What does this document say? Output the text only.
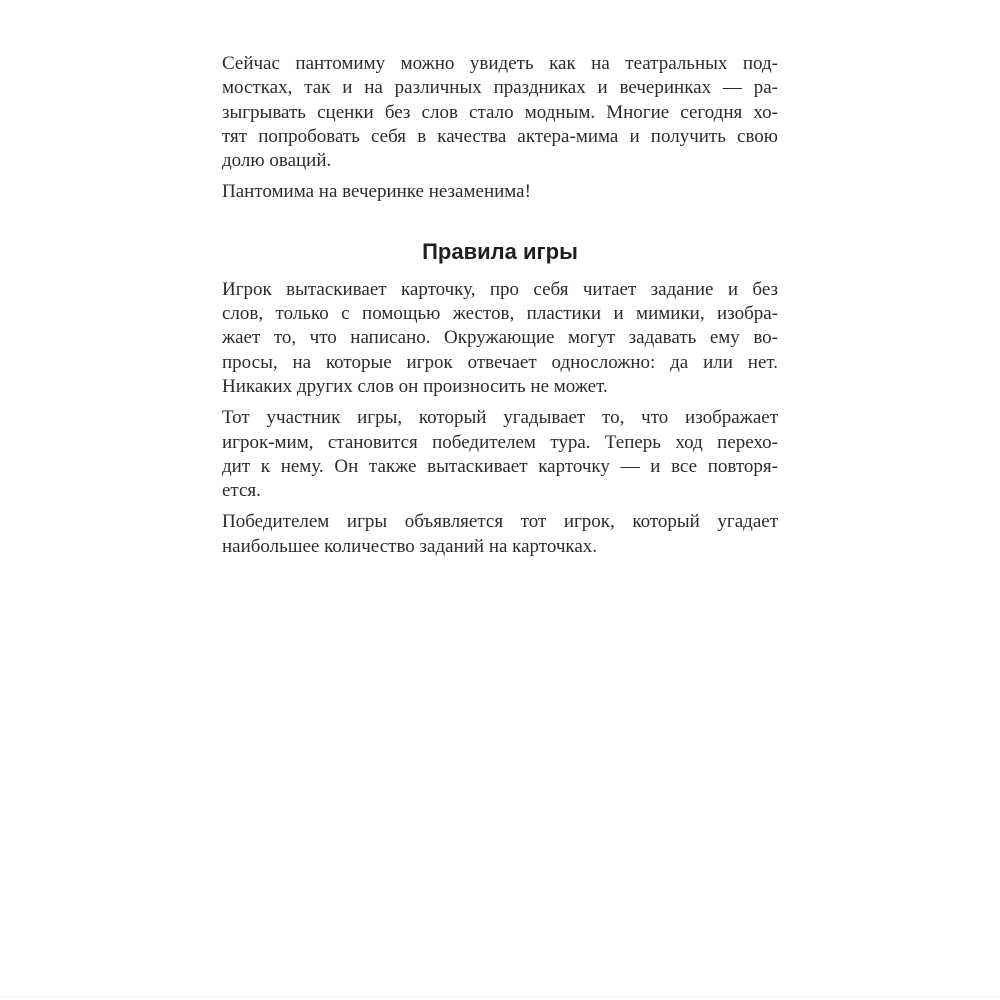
Сейчас пантомиму можно увидеть как на театральных под-
мостках, так и на различных праздниках и вечеринках — ра-
зыгрывать сценки без слов стало модным. Многие сегодня хо-
тят попробовать себя в качества актера-мима и получить свою
долю оваций.
Пантомима на вечеринке незаменима!
Правила игры
Игрок вытаскивает карточку, про себя читает задание и без
слов, только с помощью жестов, пластики и мимики, изобра-
жает то, что написано. Окружающие могут задавать ему во-
просы, на которые игрок отвечает односложно: да или нет.
Никаких других слов он произносить не может.
Тот участник игры, который угадывает то, что изображает
игрок-мим, становится победителем тура. Теперь ход перехо-
дит к нему. Он также вытаскивает карточку — и все повторя-
ется.
Победителем игры объявляется тот игрок, который угадает
наибольшее количество заданий на карточках.
